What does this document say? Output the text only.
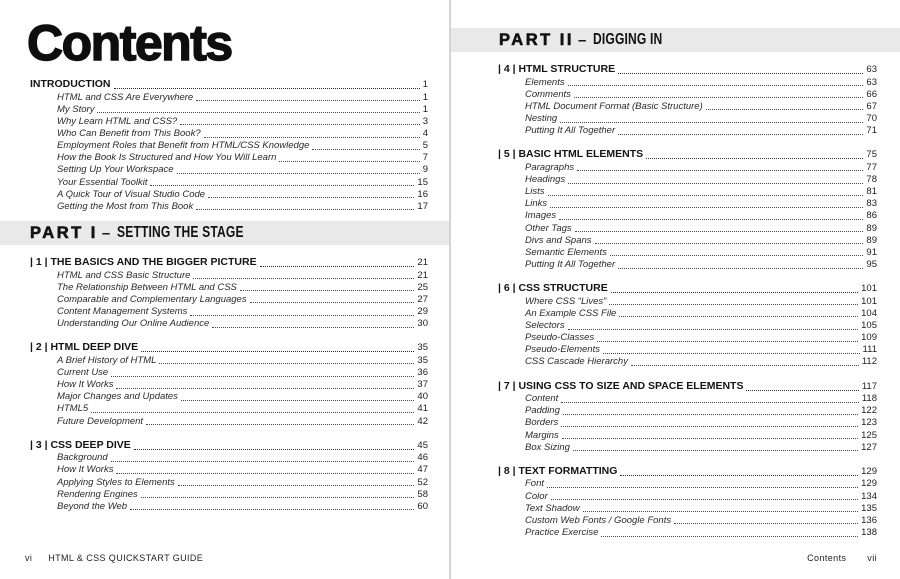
Contents
INTRODUCTION	1
HTML and CSS Are Everywhere	1
My Story	1
Why Learn HTML and CSS?	3
Who Can Benefit from This Book?	4
Employment Roles that Benefit from HTML/CSS Knowledge	5
How the Book Is Structured and How You Will Learn	7
Setting Up Your Workspace	9
Your Essential Toolkit	15
A Quick Tour of Visual Studio Code	16
Getting the Most from This Book	17
PART I – SETTING THE STAGE
| 1 | THE BASICS AND THE BIGGER PICTURE	21
HTML and CSS Basic Structure	21
The Relationship Between HTML and CSS	25
Comparable and Complementary Languages	27
Content Management Systems	29
Understanding Our Online Audience	30
| 2 | HTML DEEP DIVE	35
A Brief History of HTML	35
Current Use	36
How It Works	37
Major Changes and Updates	40
HTML5	41
Future Development	42
| 3 | CSS DEEP DIVE	45
Background	46
How It Works	47
Applying Styles to Elements	52
Rendering Engines	58
Beyond the Web	60
vi HTML & CSS QUICKSTART GUIDE
PART II – DIGGING IN
| 4 | HTML STRUCTURE	63
Elements	63
Comments	66
HTML Document Format (Basic Structure)	67
Nesting	70
Putting It All Together	71
| 5 | BASIC HTML ELEMENTS	75
Paragraphs	77
Headings	78
Lists	81
Links	83
Images	86
Other Tags	89
Divs and Spans	89
Semantic Elements	91
Putting It All Together	95
| 6 | CSS STRUCTURE	101
Where CSS “Lives”	101
An Example CSS File	104
Selectors	105
Pseudo-Classes	109
Pseudo-Elements	111
CSS Cascade Hierarchy	112
| 7 | USING CSS TO SIZE AND SPACE ELEMENTS	117
Content	118
Padding	122
Borders	123
Margins	125
Box Sizing	127
| 8 | TEXT FORMATTING	129
Font	129
Color	134
Text Shadow	135
Custom Web Fonts / Google Fonts	136
Practice Exercise	138
Contents vii
